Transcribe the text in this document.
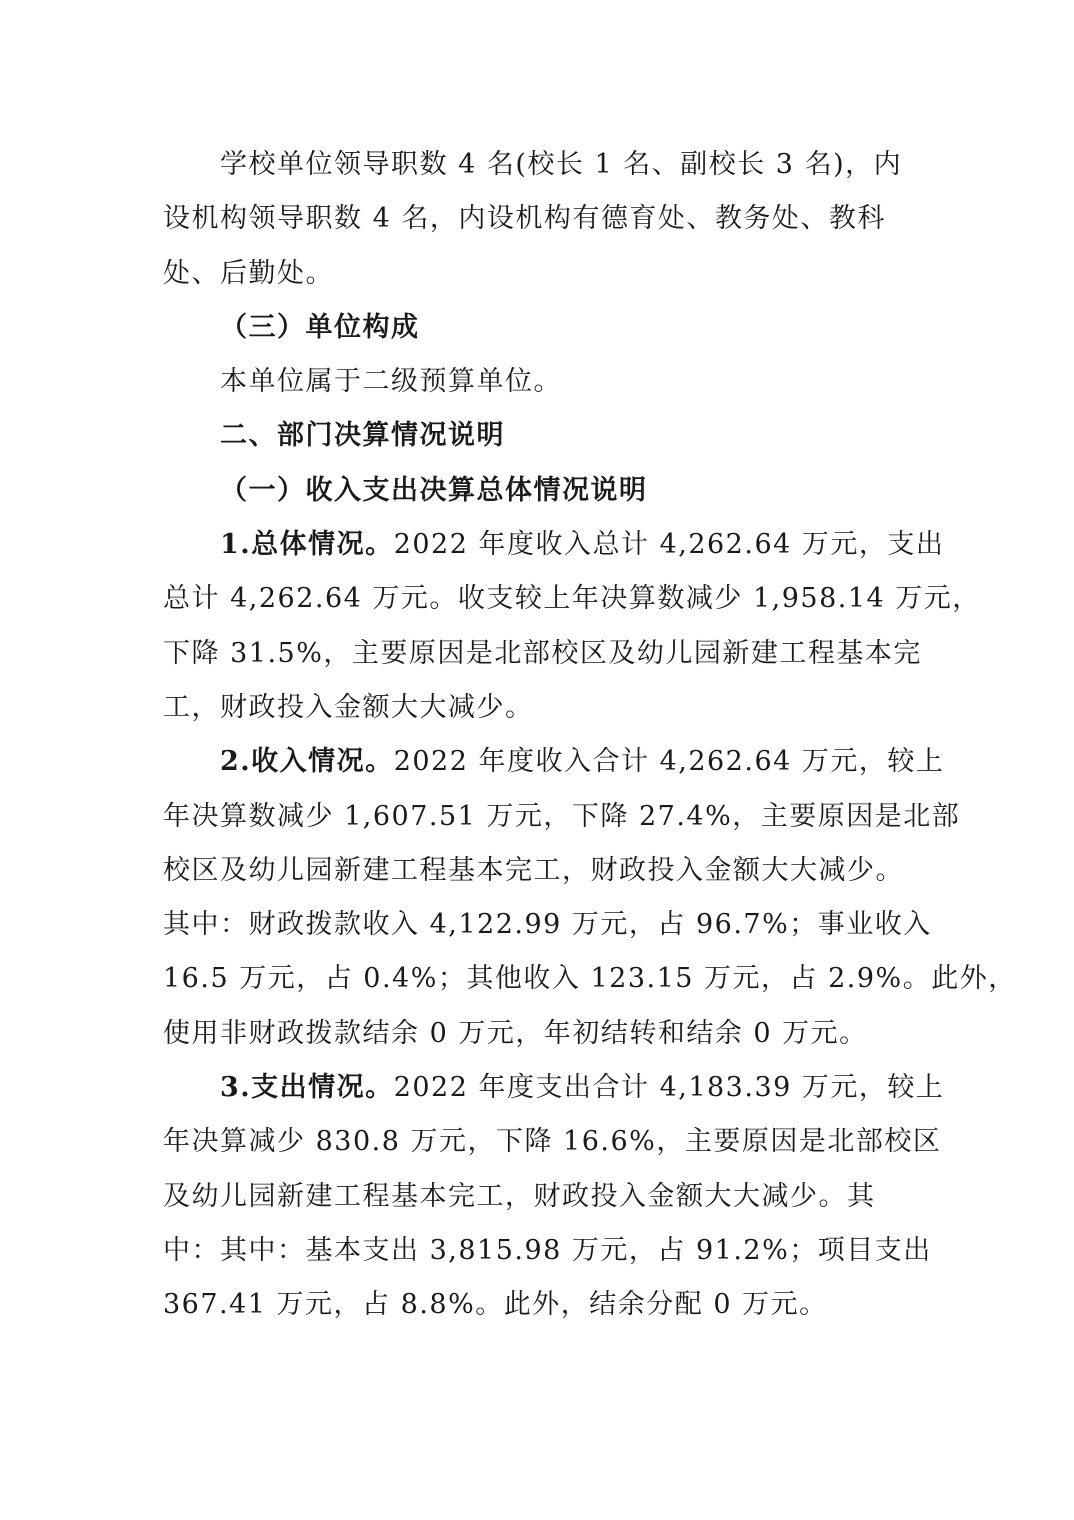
学校单位领导职数 4 名(校长 1 名、副校长 3 名)，内
设机构领导职数 4 名，内设机构有德育处、教务处、教科
处、后勤处。
（三）单位构成
本单位属于二级预算单位。
二、部门决算情况说明
（一）收入支出决算总体情况说明
1.总体情况。2022 年度收入总计 4,262.64 万元，支出
总计 4,262.64 万元。收支较上年决算数减少 1,958.14 万元，
下降 31.5%，主要原因是北部校区及幼儿园新建工程基本完
工，财政投入金额大大减少。
2.收入情况。2022 年度收入合计 4,262.64 万元，较上
年决算数减少 1,607.51 万元，下降 27.4%，主要原因是北部
校区及幼儿园新建工程基本完工，财政投入金额大大减少。
其中：财政拨款收入 4,122.99 万元，占 96.7%；事业收入
16.5 万元，占 0.4%；其他收入 123.15 万元，占 2.9%。此外，
使用非财政拨款结余 0 万元，年初结转和结余 0 万元。
3.支出情况。2022 年度支出合计 4,183.39 万元，较上
年决算减少 830.8 万元，下降 16.6%，主要原因是北部校区
及幼儿园新建工程基本完工，财政投入金额大大减少。其
中：其中：基本支出 3,815.98 万元，占 91.2%；项目支出
367.41 万元，占 8.8%。此外，结余分配 0 万元。
